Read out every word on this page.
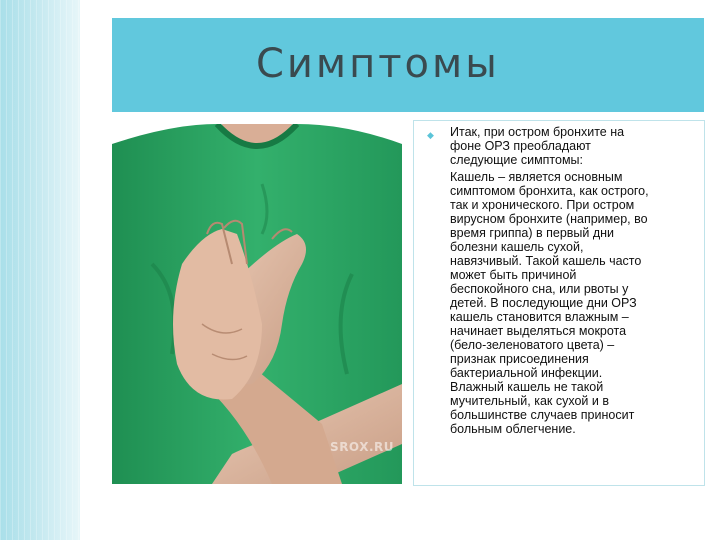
Симптомы
SROX.RU
◆ Итак, при остром бронхите на
фоне ОРЗ преобладают
следующие симптомы:

Кашель – является основным
симптомом бронхита, как острого,
так и хронического. При остром
вирусном бронхите (например, во
время гриппа) в первый дни
болезни кашель сухой,
навязчивый. Такой кашель часто
может быть причиной
беспокойного сна, или рвоты у
детей. В последующие дни ОРЗ
кашель становится влажным –
начинает выделяться мокрота
(бело-зеленоватого цвета) –
признак присоединения
бактериальной инфекции.
Влажный кашель не такой
мучительный, как сухой и в
большинстве случаев приносит
больным облегчение.
